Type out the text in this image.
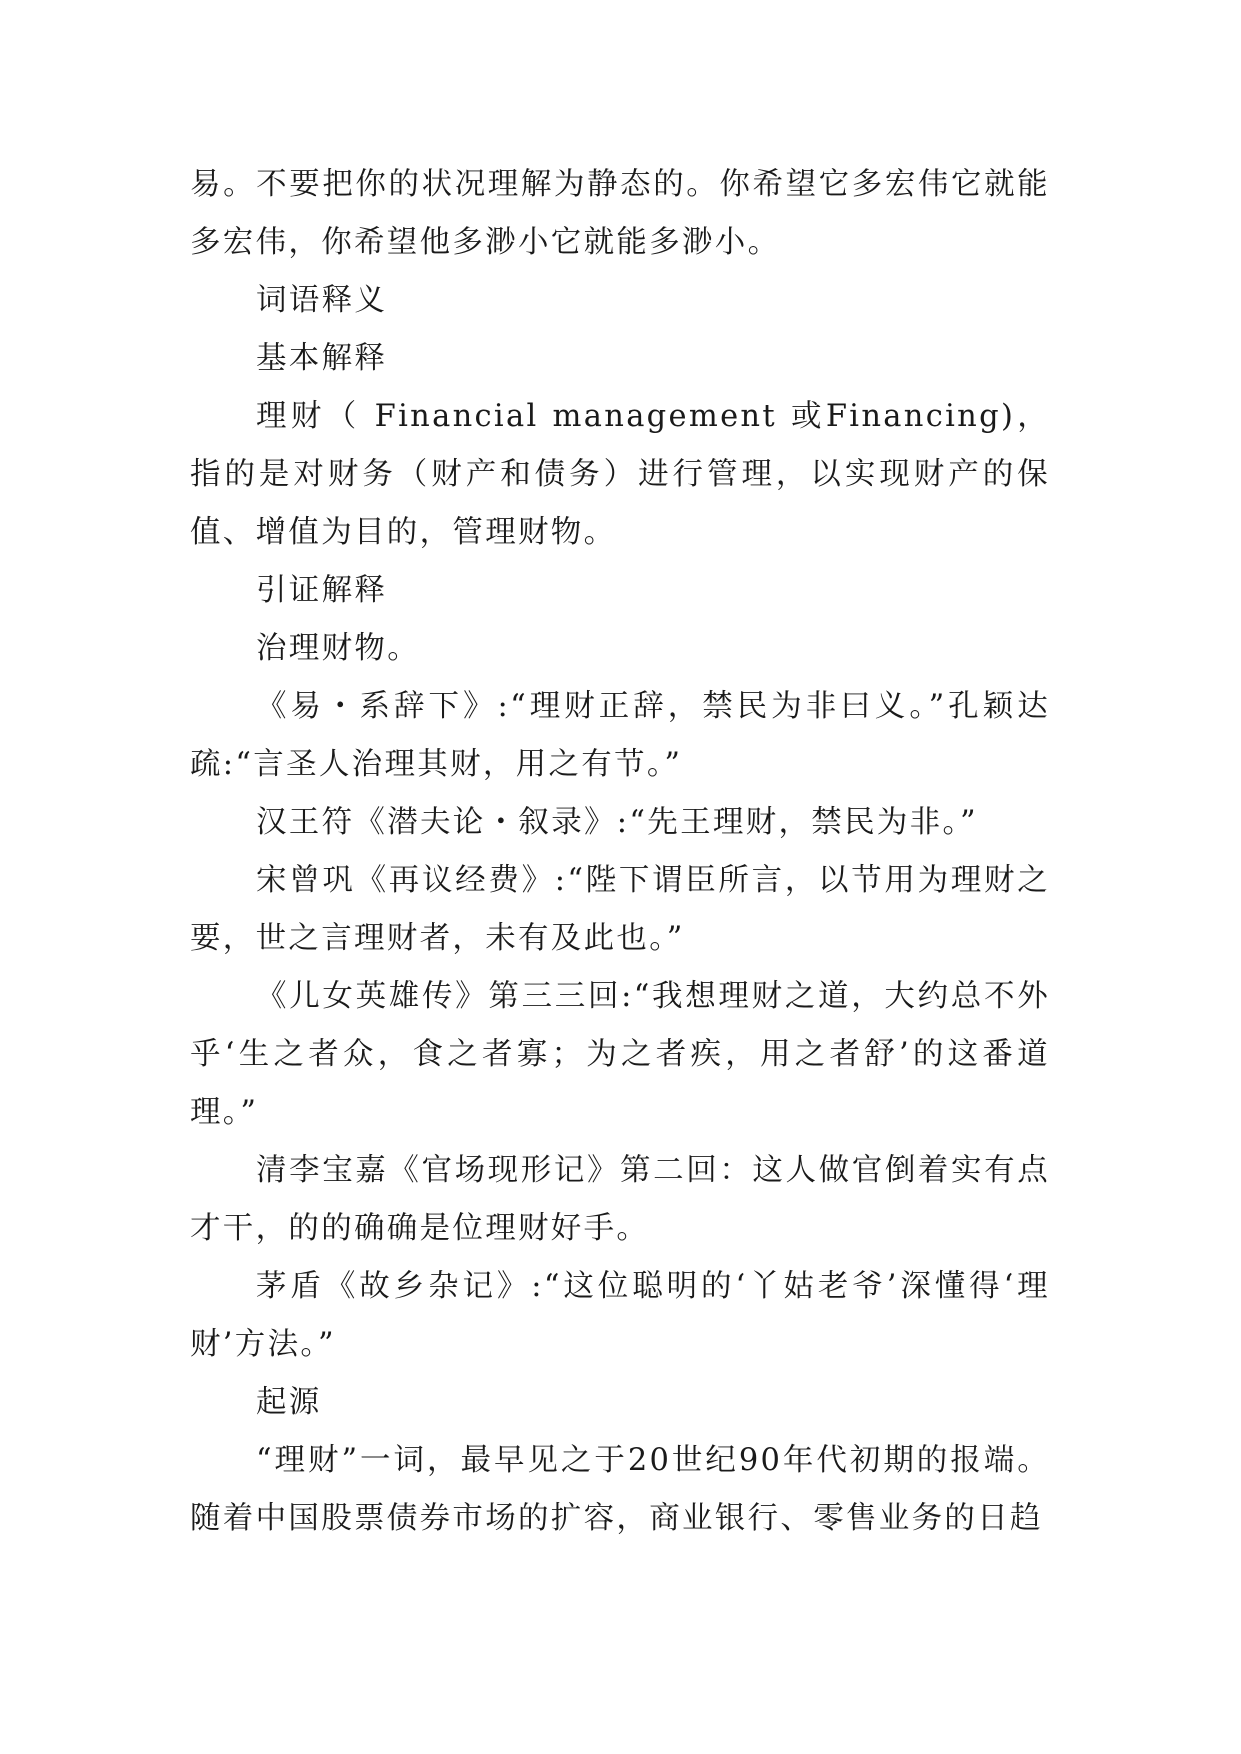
易。不要把你的状况理解为静态的。你希望它多宏伟它就能多宏伟，你希望他多渺小它就能多渺小。

词语释义

基本解释

理财（ Financial management 或Financing)，指的是对财务（财产和债务）进行管理，以实现财产的保值、增值为目的，管理财物。

引证解释

治理财物。

《易・系辞下》:“理财正辞，禁民为非曰义。”孔颖达疏:“言圣人治理其财，用之有节。”

汉王符《潜夫论・叙录》:“先王理财，禁民为非。”

宋曾巩《再议经费》:“陛下谓臣所言，以节用为理财之要，世之言理财者，未有及此也。”

《儿女英雄传》第三三回:“我想理财之道，大约总不外乎‘生之者众，食之者寡；为之者疾，用之者舒’的这番道理。”

清李宝嘉《官场现形记》第二回：这人做官倒着实有点才干，的的确确是位理财好手。

茅盾《故乡杂记》:“这位聪明的‘丫姑老爷’深懂得‘理财’方法。”

起源

“理财”一词，最早见之于20世纪90年代初期的报端。随着中国股票债券市场的扩容，商业银行、零售业务的日趋
